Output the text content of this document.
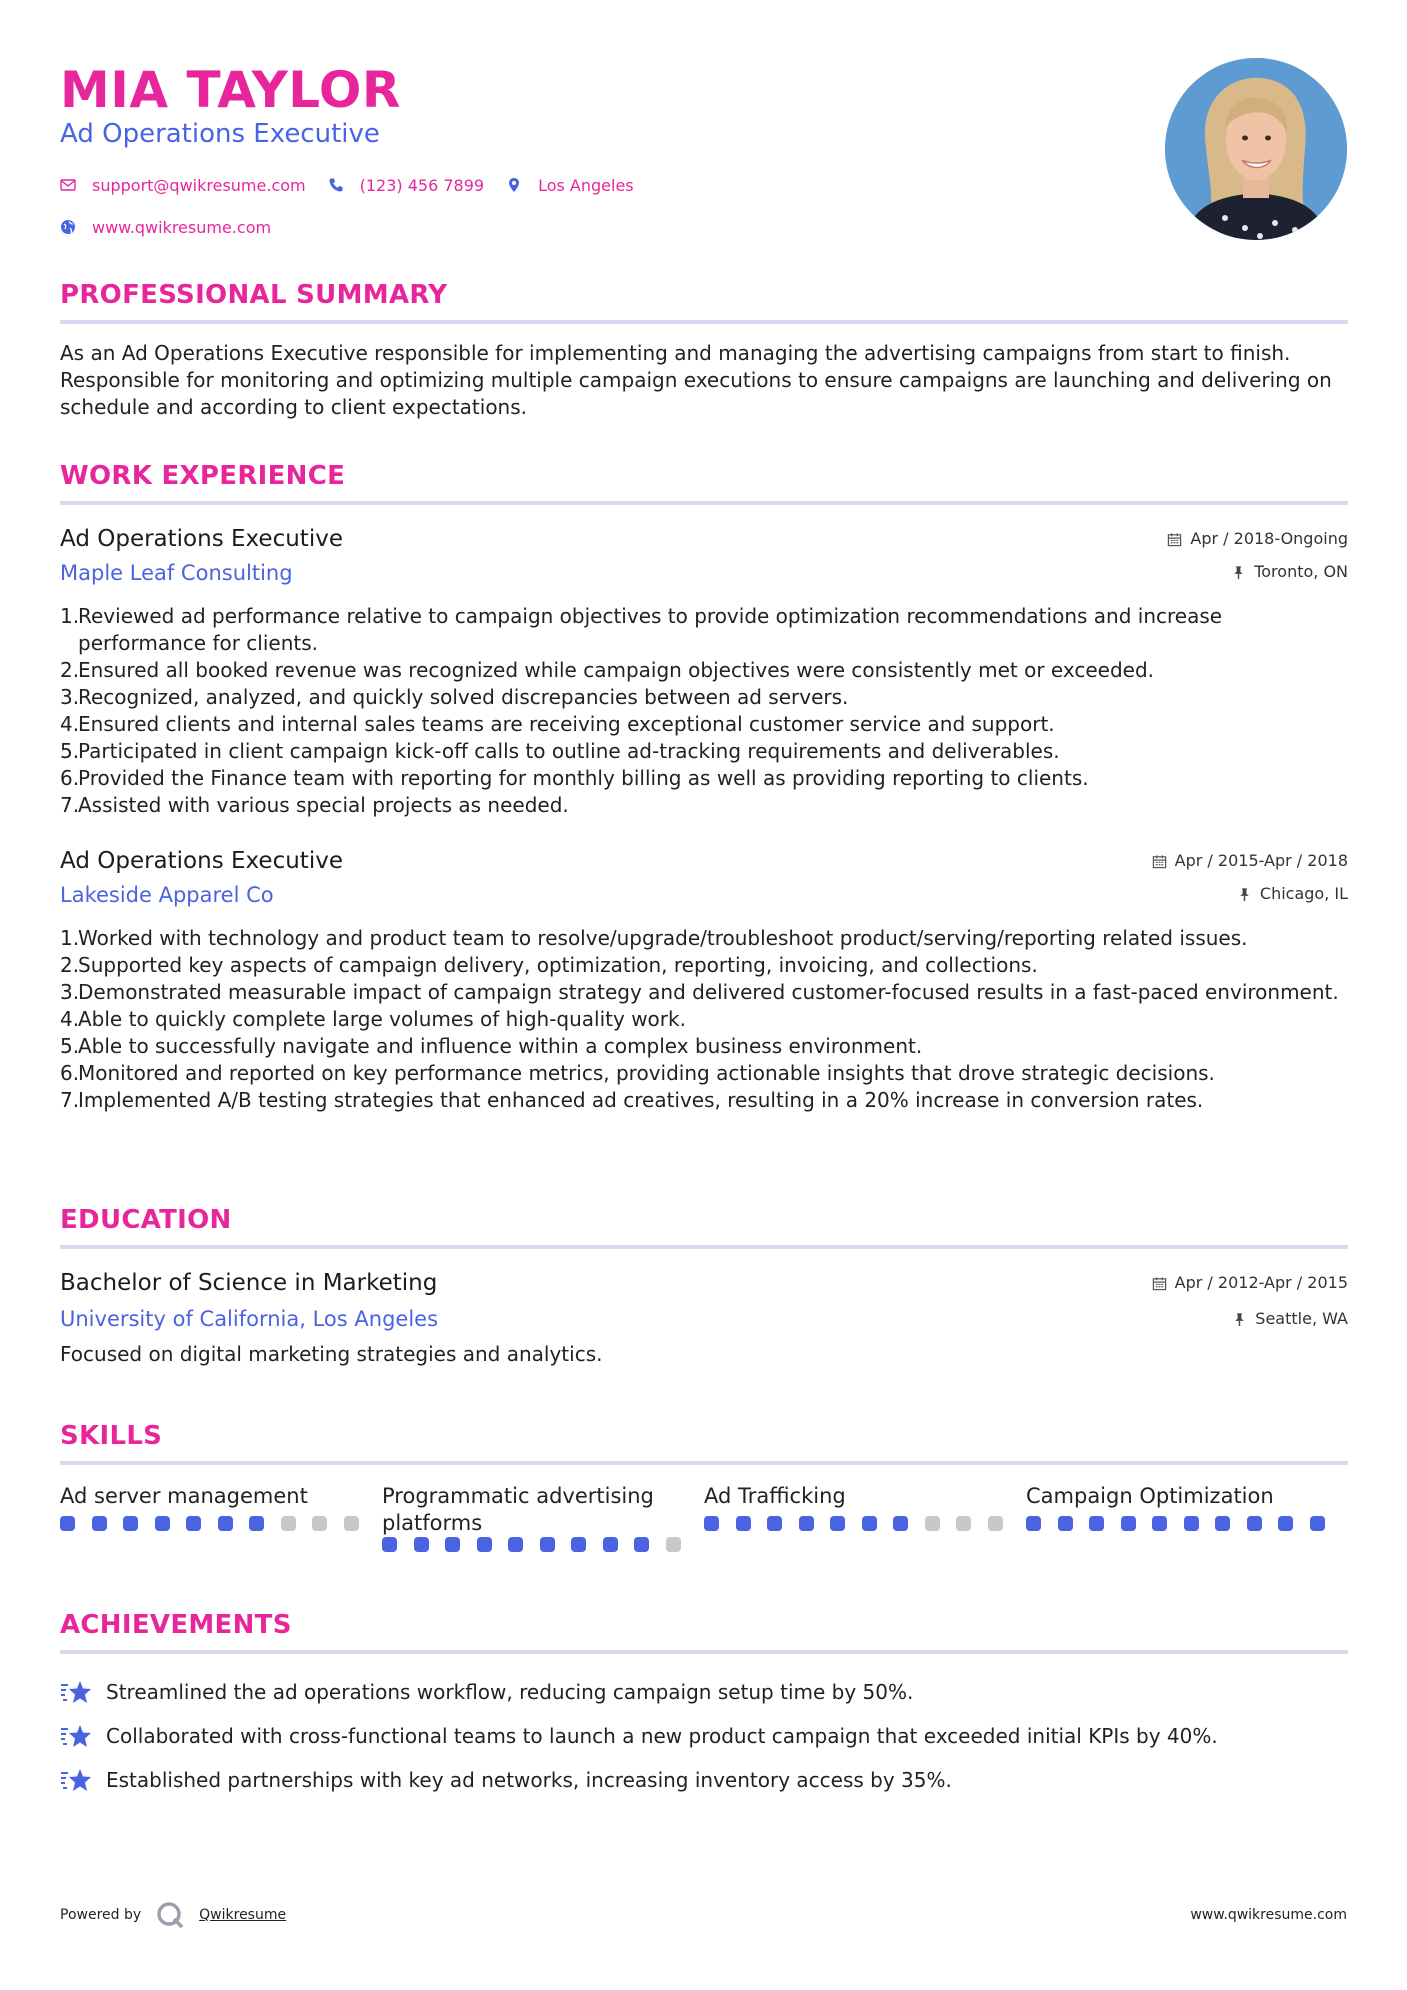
MIA TAYLOR
Ad Operations Executive
support@qwikresume.com	(123) 456 7899	Los Angeles
www.qwikresume.com
PROFESSIONAL SUMMARY
As an Ad Operations Executive responsible for implementing and managing the advertising campaigns from start to finish. Responsible for monitoring and optimizing multiple campaign executions to ensure campaigns are launching and delivering on schedule and according to client expectations.
WORK EXPERIENCE
Ad Operations Executive
Maple Leaf Consulting
Apr / 2018-Ongoing
Toronto, ON
1.
Reviewed ad performance relative to campaign objectives to provide optimization recommendations and increase performance for clients.
2.
Ensured all booked revenue was recognized while campaign objectives were consistently met or exceeded.
3.
Recognized, analyzed, and quickly solved discrepancies between ad servers.
4.
Ensured clients and internal sales teams are receiving exceptional customer service and support.
5.
Participated in client campaign kick-off calls to outline ad-tracking requirements and deliverables.
6.
Provided the Finance team with reporting for monthly billing as well as providing reporting to clients.
7.
Assisted with various special projects as needed.
Ad Operations Executive
Lakeside Apparel Co
Apr / 2015-Apr / 2018
Chicago, IL
1.
Worked with technology and product team to resolve/upgrade/troubleshoot product/serving/reporting related issues.
2.
Supported key aspects of campaign delivery, optimization, reporting, invoicing, and collections.
3.
Demonstrated measurable impact of campaign strategy and delivered customer-focused results in a fast-paced environment.
4.
Able to quickly complete large volumes of high-quality work.
5.
Able to successfully navigate and influence within a complex business environment.
6.
Monitored and reported on key performance metrics, providing actionable insights that drove strategic decisions.
7.
Implemented A/B testing strategies that enhanced ad creatives, resulting in a 20% increase in conversion rates.
EDUCATION
Bachelor of Science in Marketing
University of California, Los Angeles
Apr / 2012-Apr / 2015
Seattle, WA
Focused on digital marketing strategies and analytics.
SKILLS
Ad server management	Programmatic advertising platforms
Ad Trafficking	Campaign Optimization
ACHIEVEMENTS
Streamlined the ad operations workflow, reducing campaign setup time by 50%.
Collaborated with cross-functional teams to launch a new product campaign that exceeded initial KPIs by 40%.
Established partnerships with key ad networks, increasing inventory access by 35%.
Powered by	Qwikresume	www.qwikresume.com
